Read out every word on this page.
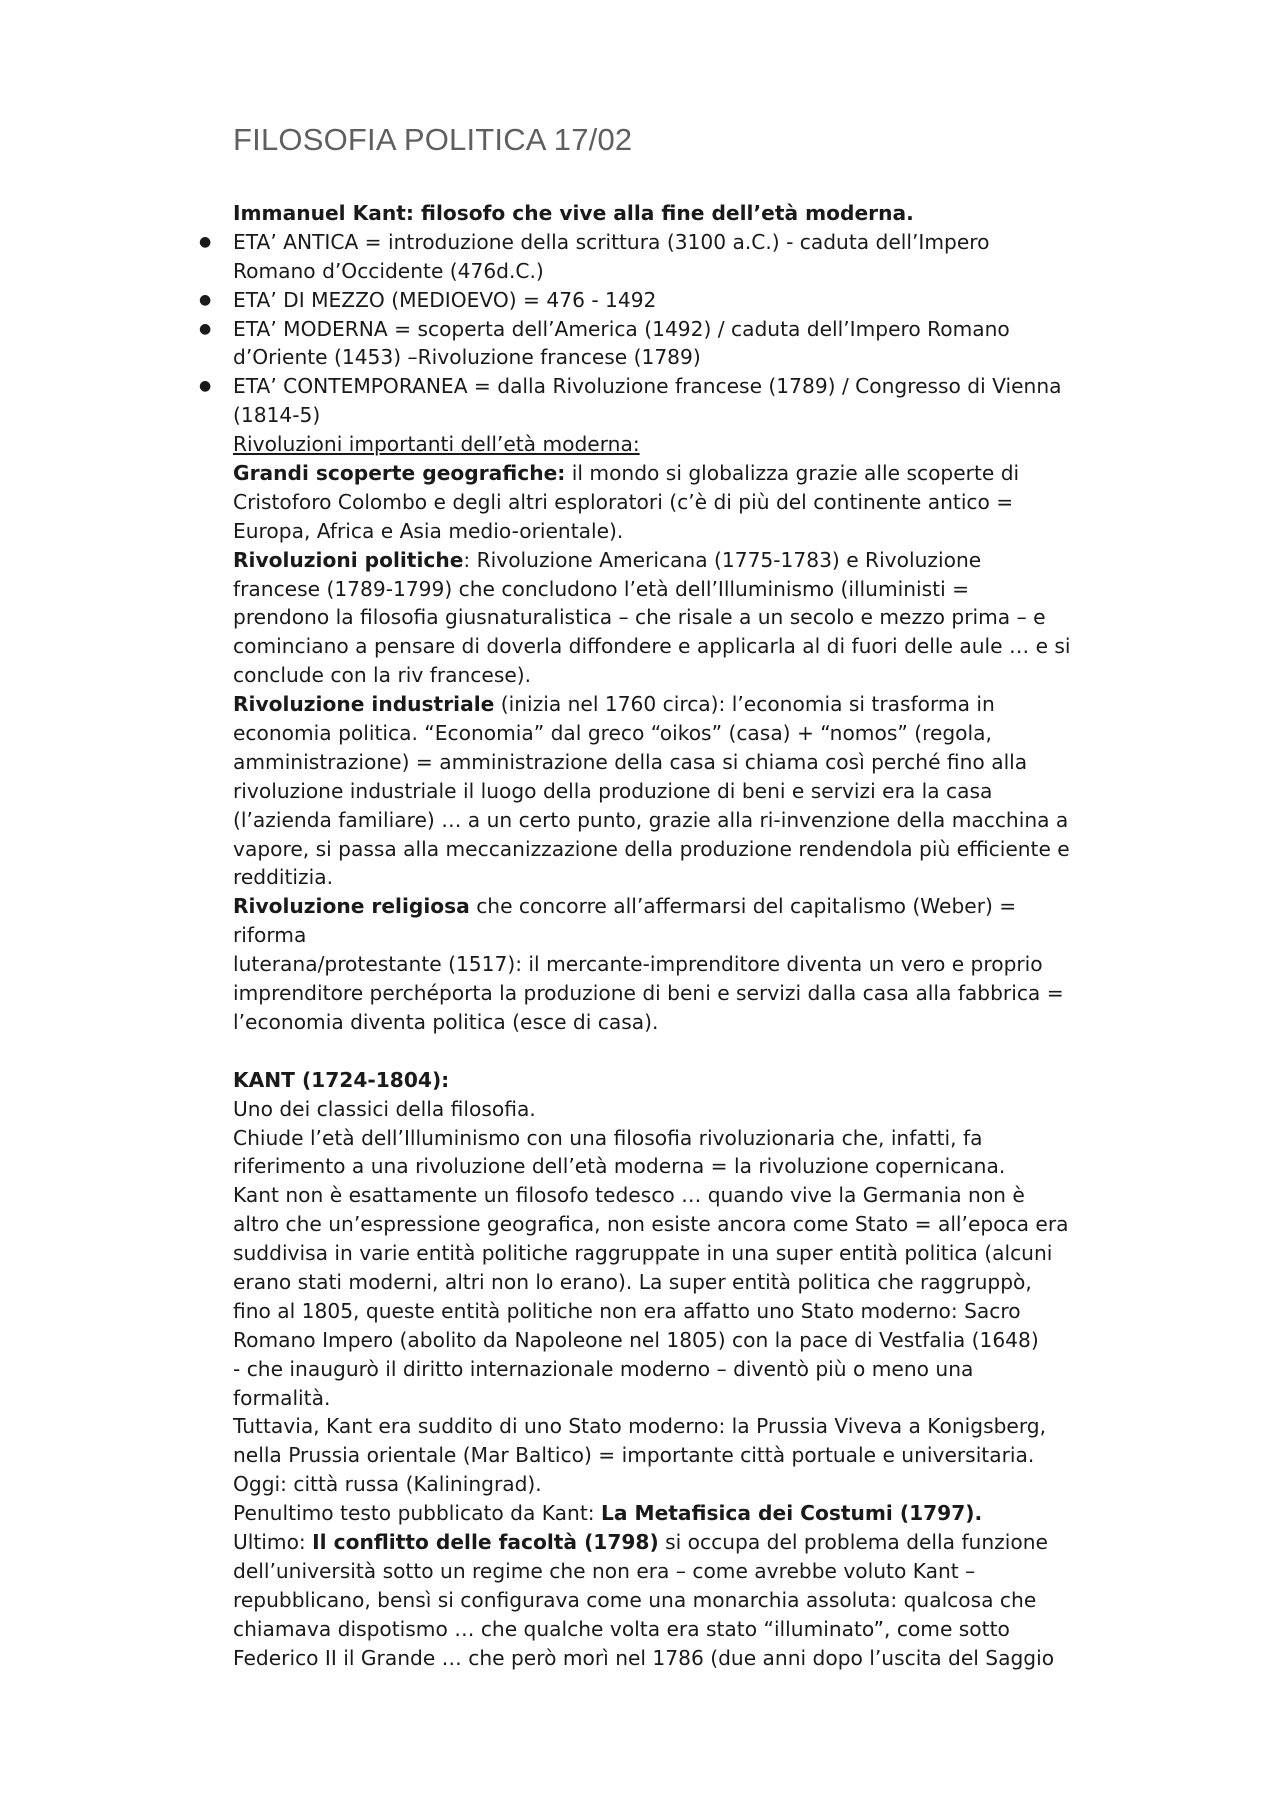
FILOSOFIA POLITICA 17/02
Immanuel Kant: filosofo che vive alla fine dell’età moderna.
● ETA’ ANTICA = introduzione della scrittura (3100 a.C.) - caduta dell’Impero
Romano d’Occidente (476d.C.)
● ETA’ DI MEZZO (MEDIOEVO) = 476 - 1492
● ETA’ MODERNA = scoperta dell’America (1492) / caduta dell’Impero Romano
d’Oriente (1453) –Rivoluzione francese (1789)
● ETA’ CONTEMPORANEA = dalla Rivoluzione francese (1789) / Congresso di Vienna
(1814-5)
Rivoluzioni importanti dell’età moderna:
Grandi scoperte geografiche: il mondo si globalizza grazie alle scoperte di
Cristoforo Colombo e degli altri esploratori (c’è di più del continente antico =
Europa, Africa e Asia medio-orientale).
Rivoluzioni politiche: Rivoluzione Americana (1775-1783) e Rivoluzione
francese (1789-1799) che concludono l’età dell’Illuminismo (illuministi =
prendono la filosofia giusnaturalistica – che risale a un secolo e mezzo prima – e
cominciano a pensare di doverla diffondere e applicarla al di fuori delle aule … e si
conclude con la riv francese).
Rivoluzione industriale (inizia nel 1760 circa): l’economia si trasforma in
economia politica. “Economia” dal greco “oikos” (casa) + “nomos” (regola,
amministrazione) = amministrazione della casa si chiama così perché fino alla
rivoluzione industriale il luogo della produzione di beni e servizi era la casa
(l’azienda familiare) … a un certo punto, grazie alla ri-invenzione della macchina a
vapore, si passa alla meccanizzazione della produzione rendendola più efficiente e
redditizia.
Rivoluzione religiosa che concorre all’affermarsi del capitalismo (Weber) =
riforma
luterana/protestante (1517): il mercante-imprenditore diventa un vero e proprio
imprenditore perchéporta la produzione di beni e servizi dalla casa alla fabbrica =
l’economia diventa politica (esce di casa).
KANT (1724-1804):
Uno dei classici della filosofia.
Chiude l’età dell’Illuminismo con una filosofia rivoluzionaria che, infatti, fa
riferimento a una rivoluzione dell’età moderna = la rivoluzione copernicana.
Kant non è esattamente un filosofo tedesco … quando vive la Germania non è
altro che un’espressione geografica, non esiste ancora come Stato = all’epoca era
suddivisa in varie entità politiche raggruppate in una super entità politica (alcuni
erano stati moderni, altri non lo erano). La super entità politica che raggruppò,
fino al 1805, queste entità politiche non era affatto uno Stato moderno: Sacro
Romano Impero (abolito da Napoleone nel 1805) con la pace di Vestfalia (1648)
- che inaugurò il diritto internazionale moderno – diventò più o meno una
formalità.
Tuttavia, Kant era suddito di uno Stato moderno: la Prussia Viveva a Konigsberg,
nella Prussia orientale (Mar Baltico) = importante città portuale e universitaria.
Oggi: città russa (Kaliningrad).
Penultimo testo pubblicato da Kant: La Metafisica dei Costumi (1797).
Ultimo: Il conflitto delle facoltà (1798) si occupa del problema della funzione
dell’università sotto un regime che non era – come avrebbe voluto Kant –
repubblicano, bensì si configurava come una monarchia assoluta: qualcosa che
chiamava dispotismo … che qualche volta era stato “illuminato”, come sotto
Federico II il Grande … che però morì nel 1786 (due anni dopo l’uscita del Saggio
